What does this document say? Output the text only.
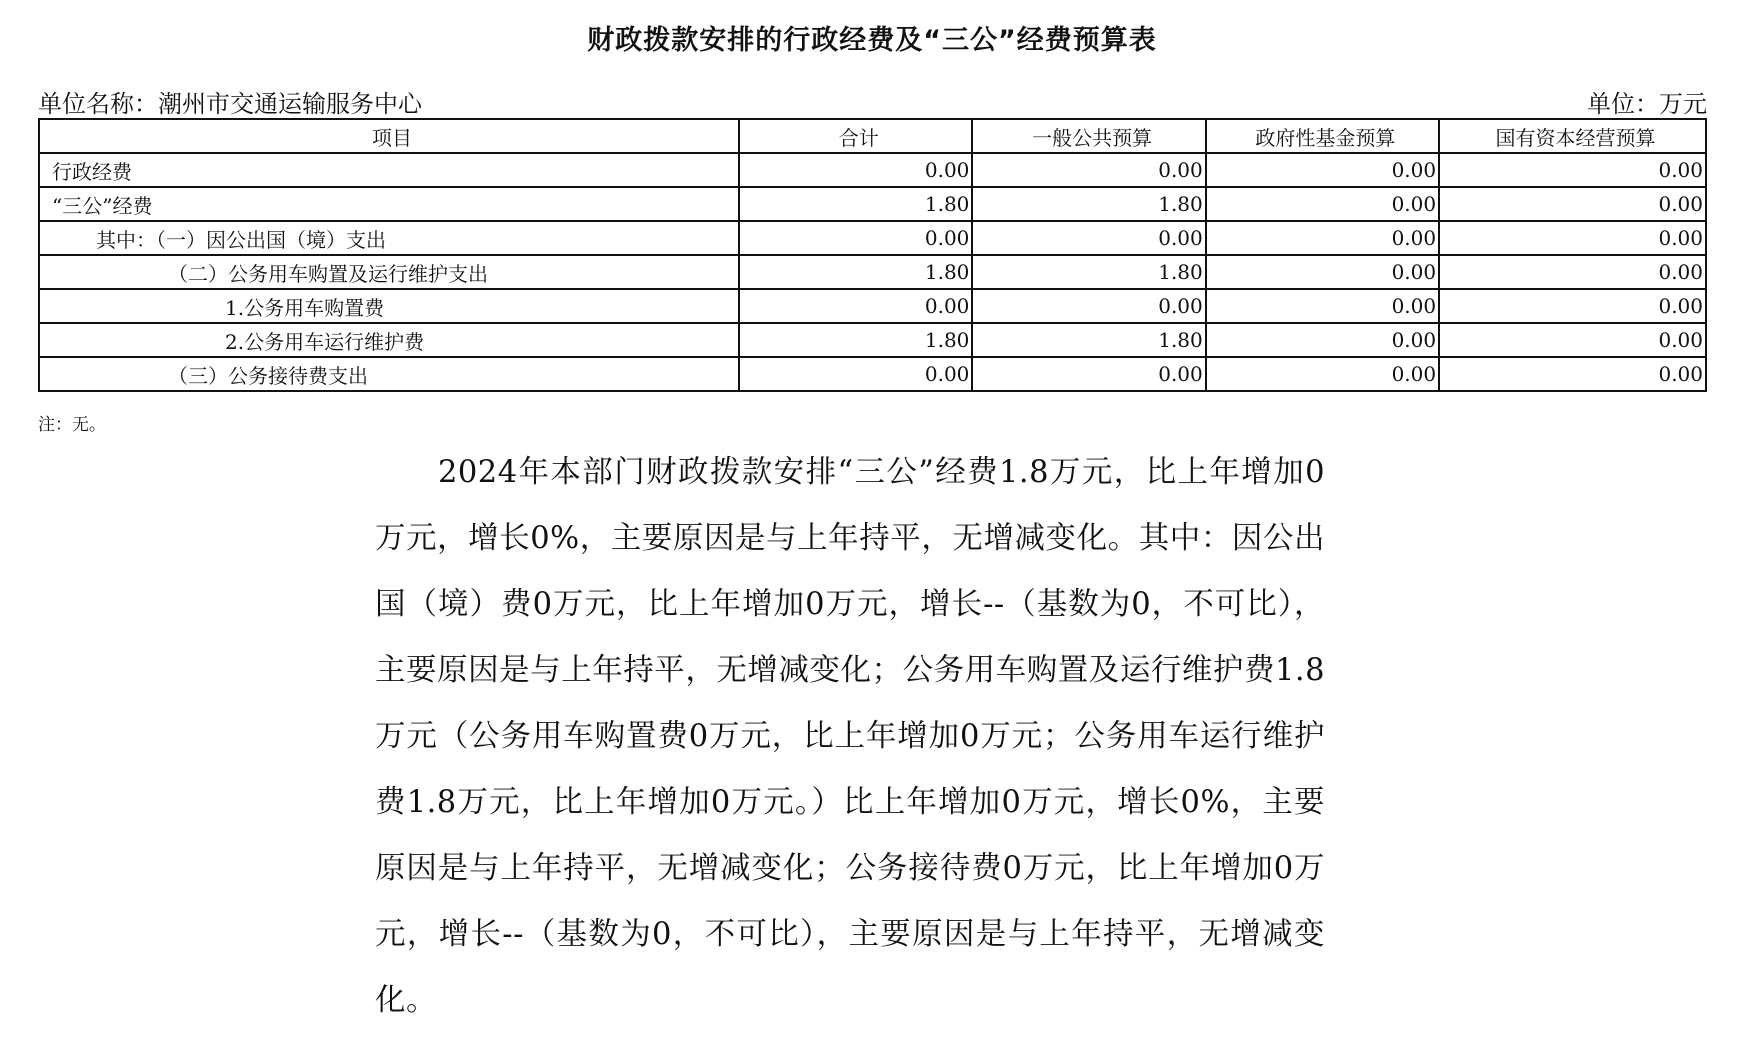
财政拨款安排的行政经费及“三公”经费预算表
单位名称：潮州市交通运输服务中心	单位：万元
项目	合计	一般公共预算	政府性基金预算	国有资本经营预算
行政经费	0.00	0.00	0.00	0.00
“三公”经费	1.80	1.80	0.00	0.00
其中：（一）因公出国（境）支出	0.00	0.00	0.00	0.00
（二）公务用车购置及运行维护支出	1.80	1.80	0.00	0.00
1.公务用车购置费	0.00	0.00	0.00	0.00
2.公务用车运行维护费	1.80	1.80	0.00	0.00
（三）公务接待费支出	0.00	0.00	0.00	0.00
注：无。

2024年本部门财政拨款安排“三公”经费1.8万元，比上年增加0万元，增长0%，主要原因是与上年持平，无增减变化。其中：因公出国（境）费0万元，比上年增加0万元，增长--（基数为0，不可比），主要原因是与上年持平，无增减变化；公务用车购置及运行维护费1.8万元（公务用车购置费0万元，比上年增加0万元；公务用车运行维护费1.8万元，比上年增加0万元。）比上年增加0万元，增长0%，主要原因是与上年持平，无增减变化；公务接待费0万元，比上年增加0万元，增长--（基数为0，不可比），主要原因是与上年持平，无增减变化。
